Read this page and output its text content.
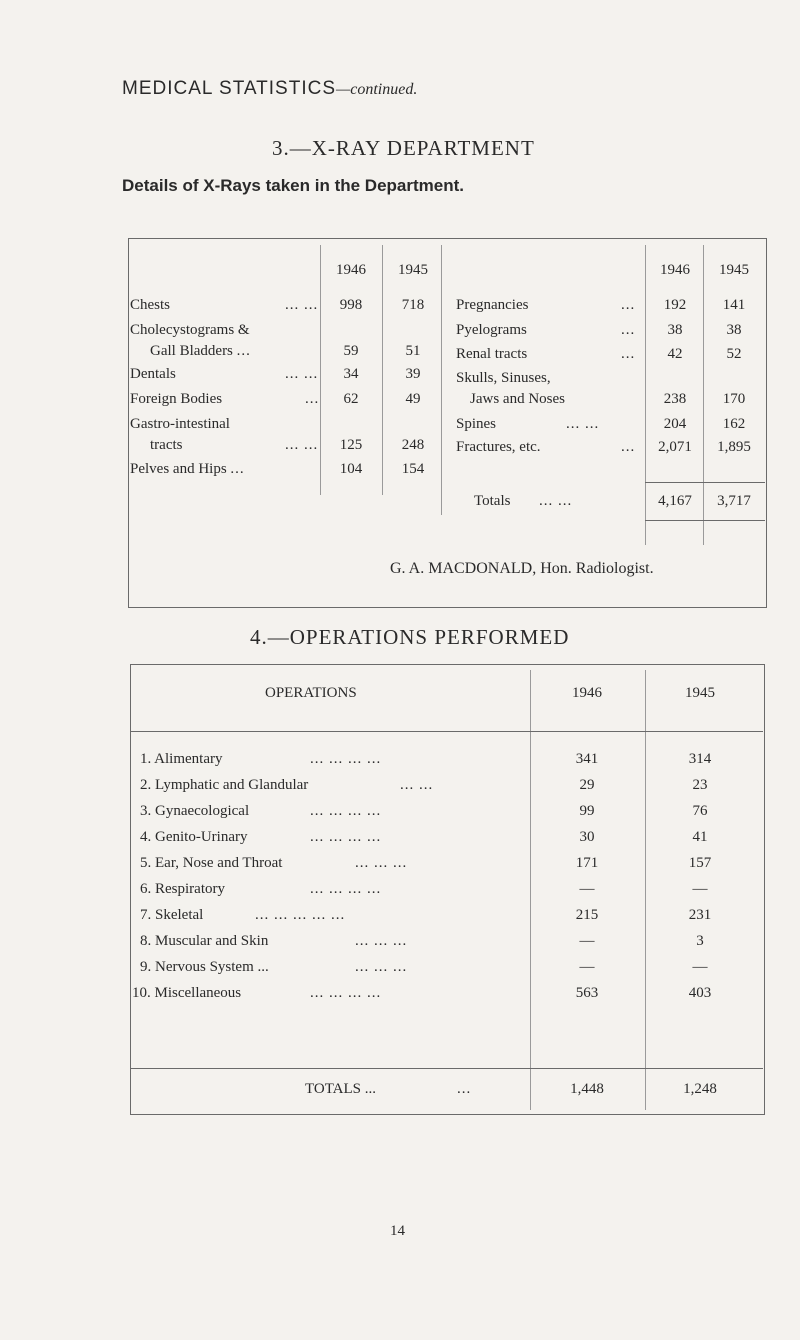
MEDICAL STATISTICS—continued.
3.—X-RAY DEPARTMENT
Details of X-Rays taken in the Department.
1946	1945	1946	1945
Chests	... ...	998	718
Cholecystograms &
Gall Bladders ...	59	51
Dentals	... ...	34	39
Foreign Bodies	...	62	49
Gastro-intestinal
tracts	... ...	125	248
Pelves and Hips ...	104	154
Pregnancies	...	192	141
Pyelograms	...	38	38
Renal tracts	...	42	52
Skulls, Sinuses,
Jaws and Noses	238	170
Spines	... ...	204	162
Fractures, etc.	...	2,071	1,895
Totals ... ...	4,167	3,717
G. A. MACDONALD, Hon. Radiologist.
4.—OPERATIONS PERFORMED
OPERATIONS	1946	1945
1. Alimentary	... ... ... ...	341	314
2. Lymphatic and Glandular	... ...	29	23
3. Gynaecological	... ... ... ...	99	76
4. Genito-Urinary	... ... ... ...	30	41
5. Ear, Nose and Throat	... ... ...	171	157
6. Respiratory	... ... ... ...	—	—
7. Skeletal	... ... ... ... ...	215	231
8. Muscular and Skin	... ... ...	—	3
9. Nervous System ...	... ... ...	—	—
10. Miscellaneous	... ... ... ...	563	403
TOTALS ...	...	1,448	1,248
14
